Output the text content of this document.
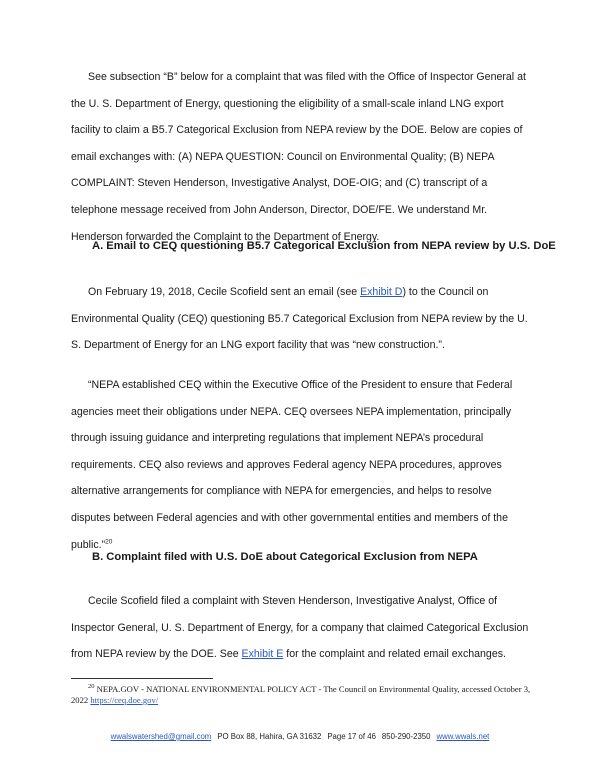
See subsection “B” below for a complaint that was filed with the Office of Inspector General at the U. S. Department of Energy, questioning the eligibility of a small-scale inland LNG export facility to claim a B5.7 Categorical Exclusion from NEPA review by the DOE. Below are copies of email exchanges with: (A) NEPA QUESTION: Council on Environmental Quality; (B) NEPA COMPLAINT: Steven Henderson, Investigative Analyst, DOE-OIG; and (C) transcript of a telephone message received from John Anderson, Director, DOE/FE. We understand Mr. Henderson forwarded the Complaint to the Department of Energy.

A. Email to CEQ questioning B5.7 Categorical Exclusion from NEPA review by U.S. DoE

On February 19, 2018, Cecile Scofield sent an email (see Exhibit D) to the Council on Environmental Quality (CEQ) questioning B5.7 Categorical Exclusion from NEPA review by the U. S. Department of Energy for an LNG export facility that was “new construction.”.

“NEPA established CEQ within the Executive Office of the President to ensure that Federal agencies meet their obligations under NEPA. CEQ oversees NEPA implementation, principally through issuing guidance and interpreting regulations that implement NEPA’s procedural requirements. CEQ also reviews and approves Federal agency NEPA procedures, approves alternative arrangements for compliance with NEPA for emergencies, and helps to resolve disputes between Federal agencies and with other governmental entities and members of the public.”$^{20}$

B. Complaint filed with U.S. DoE about Categorical Exclusion from NEPA

Cecile Scofield filed a complaint with Steven Henderson, Investigative Analyst, Office of Inspector General, U. S. Department of Energy, for a company that claimed Categorical Exclusion from NEPA review by the DOE. See Exhibit E for the complaint and related email exchanges.

$^{20}$ NEPA.GOV - NATIONAL ENVIRONMENTAL POLICY ACT - The Council on Environmental Quality, accessed October 3, 2022 https://ceq.doe.gov/

wwalswatershed@gmail.com PO Box 88, Hahira, GA 31632 Page 17 of 46 850-290-2350 www.wwals.net
